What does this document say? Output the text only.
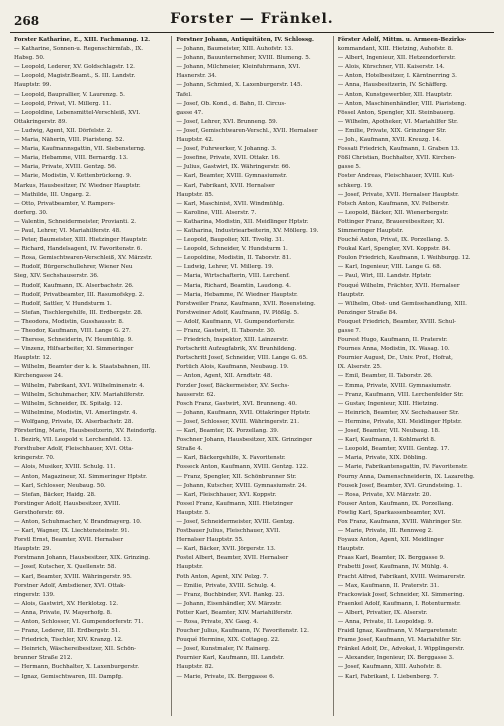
268	Forster — Fränkel.
Forster Katharine, E., XIII. Fachmanng. 12.
— Katharine, Sonnen-u. Regenschirmfab., IX.
Habsg. 50.
— Leopold, Lederer, XV. Goldschlagstr. 12.
— Leopold, Magistr.Beamt., S. III. Landstr.
Hauptstr. 99.
— Leopold, Bauprallier, V. Laurenzg. 5.
— Leopold, Privat, VI. Millerg. 11.
— Leopoldine, Lebensmittel-Verschleiß, XVI.
Ottakringerstr. 89.
— Ludwig, Agent, XII. Dörfelstr. 2.
— Maria, Näherin, VIII. Piaristeng. 52.
— Maria, Kaufmannsgattin, VII. Siebensterng.
— Maria, Hebamme, VIII. Bernardg. 13.
— Maria, Private, XVIII. Gentzg. 56.
— Marie, Modistin, V. Kettenbrückeng. 9.
Markus, Hausbesitzer, IV. Wiedner Hauptstr.
— Mathilde, III. Ungarg. 2.
— Otto, Privatbeamter, V. Rampers-
dorferg. 30.
— Valentin, Schneidermeister, Provianti. 2.
— Paul, Lehrer, VI. Mariahilferstr. 48.
— Peter, Baumeister, XIII. Hietzinger Hauptstr.
— Richard, Handelsagent, IV. Favoritenstr. 6.
— Rosa, Gemischtwaren-Verschleiß, XV. Märzstr.
— Rudolf, Bürgerschullehrer, Wiener Neu
Sieg, XIV. Sechshauserstr. 36.
— Rudolf, Kaufmann, IX. Alserbachstr. 26.
— Rudolf, Privatbeamter, III. Rasumofskyg. 2.
— Rudolf, Sattler, V. Hundsturm 1.
— Stefan, Tischlergehilfe, III. Erdbergstr. 28.
— Theodora, Modistin, Gusshausstr. 8.
— Theodor, Kaufmann, VIII. Lange G. 27.
— Therese, Schneiderin, IV. Heumühlg. 9.
— Vinzenz, Hilfsarbeiter, XI. Simmeringer
Hauptstr. 12.
— Wilhelm, Beamter der k. k. Staatsbahnen, III.
Kirchengasse 24.
— Wilhelm, Fabrikant, XVI. Wilhelminenstr. 4.
— Wilhelm, Schuhmacher, XIV. Mariahilferstr.
— Wilhelm, Schneider, IX. Spitalg. 12.
— Wilhelmine, Modistin, VI. Amerlingstr. 4.
— Wolfgang, Private, IX. Alserbachstr. 28.
Försterling, Marie, Hausbesitzerin, XV. Reindorfg.
1. Bezirk, VII. Leopold v. Lerchenfeld. 13.
Forsthuber Adolf, Fleischhauer, XVI. Otta-
kringerstr. 70.
— Alois, Musiker, XVIII. Schulg. 11.
— Anton, Magazineur, XI. Simmeringer Hptstr.
— Karl, Schlosser, Neubaug. 50.
— Stefan, Bäcker, Haidg. 28.
Forstinger Adolf, Hausbesitzer, XVIII.
Gersthoferstr. 69.
— Anton, Schuhmacher, V. Brandmayerg. 10.
— Karl, Wagner, IX. Liechtensteinstr. 91.
Forstl Ernst, Beamter, XVII. Hernalser
Hauptstr. 29.
Forstmann Johann, Hausbesitzer, XIX. Grinzing.
— Josef, Kutscher, X. Quellenstr. 58.
— Karl, Beamter, XVIII. Währingerstr. 95.
Forstner Adolf, Amtsdiener, XVI. Ottak-
ringerstr. 139.
— Alois, Gastwirt, XV. Herklotzg. 12.
— Anna, Private, IV. Mayerhofg. 8.
— Anton, Schlosser, VI. Gumpendorferstr. 71.
— Franz, Lederer, III. Erdbergstr. 51.
— Friedrich, Tischler, XIV. Kranzg. 12.
— Heinrich, Wäschereibesitzer, XII. Schön-
brunner Straße 212.
— Hermann, Buchhalter, X. Laxenburgerstr.
— Ignaz, Gemischtwaren, III. Dampfg.
Forstner Johann, Antiquitäten, IV. Schlossg.
— Johann, Baumeister, XIII. Auhofstr. 13.
— Johann, Bauunternehmer, XVIII. Blumeng. 5.
— Johann, Milchmeier, Kleinfuhrmann, XVI.
Hasnerstr. 34.
— Johann, Schmied, X. Laxenburgerstr. 145.
Tafel.
— Josef, Ob. Kond., d. Bahn, II. Circus-
gasse 47.
— Josef, Lehrer, XVI. Brunneng. 59.
— Josef, Gemischtwaren-Verschl., XVII. Hernalser
Hauptstr. 42.
— Josef, Fuhrwerker, V. Johanng. 3.
— Josefine, Private, XVII. Ottakr. 16.
— Julius, Gastwirt, IX. Währingerstr. 66.
— Karl, Beamter, XVIII. Gymnasiumstr.
— Karl, Fabrikant, XVII. Hernalser
Hauptstr. 85.
— Karl, Maschinist, XVII. Windmühlg.
— Karoline, VIII. Alserstr. 7.
— Katharina, Modistin, XII. Meidlinger Hptstr.
— Katharina, Industriearbeiterin, XV. Möllerg. 19.
— Leopold, Baupolier, XII. Tivolig. 31.
— Leopold, Schneider, V. Hundsturm 1.
— Leopoldine, Modistin, II. Taborstr. 81.
— Ludwig, Lehrer, VI. Millerg. 19.
— Maria, Wirtschafterin, VIII. Lerchenf.
— Maria, Richard, Beamtin, Laudong. 4.
— Maria, Hebamme, IV. Wiedner Hauptstr.
Forstweiler Franz, Kaufmann, XVII. Rosensteing.
Forstweiner Adolf, Kaufmann, IV. Plößlg. 5.
— Adolf, Kaufmann, VI. Gumpendorferstr.
— Franz, Gastwirt, II. Taborstr. 30.
— Friedrich, Inspektor, XIII. Lainzerstr.
Fortschritt Aufzugfabrik, XV. Brunhildeng.
Fortschritt Josef, Schneider, VIII. Lange G. 65.
Fortüch Alois, Kaufmann, Neubaug. 19.
— Anton, Agent, XII. Arndtstr. 48.
Forzler Josef, Bäckermeister, XV. Sechs-
hauserstr. 62.
Fosch Franz, Gastwirt, XVI. Brunneng. 40.
— Johann, Kaufmann, XVII. Ottakringer Hptstr.
— Josef, Schlosser, XVIII. Währingerstr. 21.
— Karl, Beamter, IX. Porzellang. 39.
Foschner Johann, Hausbesitzer, XIX. Grinzinger
Straße 4.
— Karl, Bäckergehilfe, X. Favoritenstr.
Fosseck Anton, Kaufmann, XVIII. Gentzg. 122.
— Franz, Spengler, XII. Schönbrunner Str.
— Johann, Kutscher, XVIII. Gymnasiumstr. 24.
— Karl, Fleischhauer, XVI. Koppstr.
Fossel Franz, Kaufmann, XIII. Hietzinger
Hauptstr. 5.
— Josef, Schneidermeister, XVIII. Gentzg.
Fostbauer Julius, Fleischhauer, XVII.
Hernalser Hauptstr. 55.
— Karl, Bäcker, XVII. Jörgerstr. 13.
Fostel Albert, Beamter, XVII. Hernalser
Hauptstr.
Foth Anton, Agent, XIV. Pelzg. 7.
— Emilie, Private, XVIII. Schulg. 4.
— Franz, Buchbinder, XVI. Rankg. 23.
— Johann, Eisenhändler, XV. Märzstr.
Fotter Karl, Beamter, XIV. Mariahilferstr.
— Rosa, Private, XV. Gasg. 4.
Foucher Julius, Kaufmann, IV. Favoritenstr. 12.
Fouqué Hermine, XIX. Cottageg. 22.
— Josef, Kunstmaler, IV. Rainerg.
Fournier Karl, Kaufmann, III. Landstr.
Hauptstr. 82.
— Marie, Private, IX. Berggasse 6.
Förster Adolf, Mittm. u. Armeen-Bezirks-
kommandant, XIII. Hietzing, Auhofstr. 8.
— Albert, Ingenieur, XII. Hetzendorferstr.
— Alois, Kürschner, VII. Kaiserstr. 14.
— Anton, Hotelbesitzer, I. Kärntnerring 3.
— Anna, Hausbesitzerin, IV. Schäfferg.
— Anton, Kunstgewerbler, XII. Hauptstr.
— Anton, Maschinenhändler, VIII. Piaristeng.
Fössel Anton, Spengler, XII. Steinbauerg.
— Wilhelm, Apotheker, VI. Mariahilfer Str.
— Emilie, Private, XIX. Grinzinger Str.
— Joh., Kaufmann, XVII. Kreuzg. 14.
Fossati Friedrich, Kaufmann, I. Graben 13.
Fößl Christian, Buchhalter, XVII. Kirchen-
gasse 5.
Foster Andreas, Fleischhauer, XVIII. Kut-
schkerg. 19.
— Josef, Private, XVII. Hernalser Hauptstr.
Fotsch Anton, Kaufmann, XV. Felberstr.
— Leopold, Bäcker, XII. Wienerbergstr.
Fottinger Franz, Brauereibesitzer, XI.
Simmeringer Hauptstr.
Fouché Anton, Privat, IX. Porzellang. 5.
Foukal Karl, Spengler, XVI. Koppstr. 84.
Foulon Friedrich, Kaufmann, I. Weihburgg. 12.
— Karl, Ingenieur, VIII. Lange G. 68.
— Paul, Wirt, III. Landstr. Hptstr.
Fouqué Wilhelm, Frächter, XVII. Hernalser
Hauptstr.
— Wilhelm, Obst- und Gemüsehandlung, XIII.
Penzinger Straße 84.
Fouquet Friedrich, Beamter, XVIII. Schul-
gasse 7.
Fourest Hugo, Kaufmann, II. Praterstr.
Fournes Anna, Modistin, IX. Wasag. 10.
Fournier August, Dr., Univ. Prof., Hofrat,
IX. Alserstr. 25.
— Emil, Beamter, II. Taborstr. 26.
— Emma, Private, XVIII. Gymnasiumstr.
— Franz, Kaufmann, VIII. Lerchenfelder Str.
— Gustav, Ingenieur, XIII. Hietzing.
— Heinrich, Beamter, XV. Sechshauser Str.
— Hermine, Private, XII. Meidlinger Hptstr.
— Josef, Beamter, VII. Neubaug. 18.
— Karl, Kaufmann, I. Kohlmarkt 8.
— Leopold, Beamter, XVIII. Gentzg. 17.
— Maria, Private, XIX. Döbling.
— Marie, Fabrikantensgattin, IV. Favoritenstr.
Fourny Anna, Damenschneiderin, IX. Lazarethg.
Fousek Josef, Beamter, XVI. Grundsteing. 1.
— Rosa, Private, XV. Märzstr. 20.
Fouser Anton, Kaufmann, IX. Porzellang.
Fowlig Karl, Sparkassenbeamter, XVI.
Fox Franz, Kaufmann, XVIII. Währinger Str.
— Marie, Private, III. Rennweg 2.
Foyaux Anton, Agent, XII. Meidlinger
Hauptstr.
Fraas Karl, Beamter, IX. Berggasse 9.
Frabetti Josef, Kaufmann, IV. Mühlg. 4.
Fracht Alfred, Fabrikant, XVIII. Weimarerstr.
— Max, Kaufmann, II. Praterstr. 31.
Frackowiak Josef, Schneider, XI. Simmering.
Fraenkel Adolf, Kaufmann, I. Rotenturmstr.
— Albert, Privatier, IX. Alserstr.
— Anna, Private, II. Leopoldsg. 9.
Fraidl Ignaz, Kaufmann, V. Margaretenstr.
Frame Josef, Kaufmann, VI. Mariahilfer Str.
Fränkel Adolf, Dr., Advokat, I. Wipplingerstr.
— Alexander, Ingenieur, IX. Berggasse 3.
— Josef, Kaufmann, XIII. Auhofstr. 8.
— Karl, Fabrikant, I. Liebenberg. 7.
